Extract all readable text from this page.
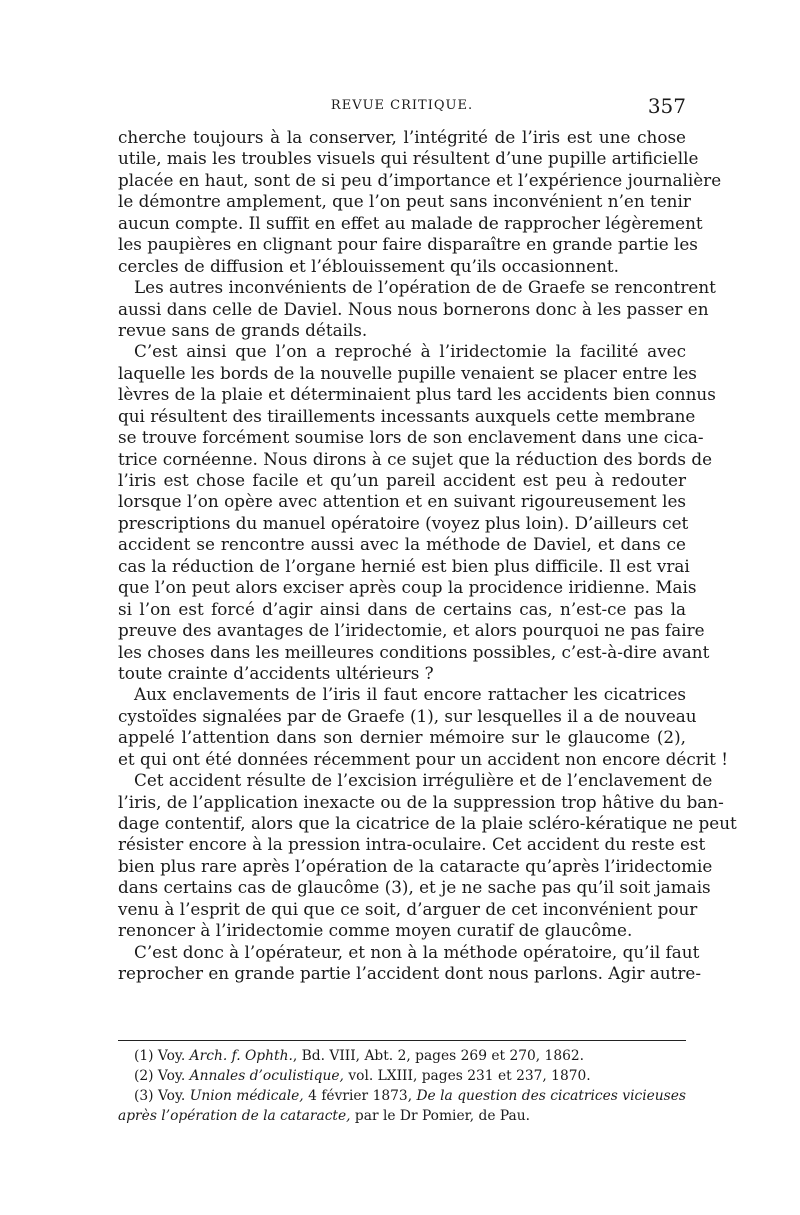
REVUE CRITIQUE.	357
cherche toujours à la conserver, l’intégrité de l’iris est une chose
utile, mais les troubles visuels qui résultent d’une pupille artificielle
placée en haut, sont de si peu d’importance et l’expérience journalière
le démontre amplement, que l’on peut sans inconvénient n’en tenir
aucun compte. Il suffit en effet au malade de rapprocher légèrement
les paupières en clignant pour faire disparaître en grande partie les
cercles de diffusion et l’éblouissement qu’ils occasionnent.
Les autres inconvénients de l’opération de de Graefe se rencontrent
aussi dans celle de Daviel. Nous nous bornerons donc à les passer en
revue sans de grands détails.
C’est ainsi que l’on a reproché à l’iridectomie la facilité avec
laquelle les bords de la nouvelle pupille venaient se placer entre les
lèvres de la plaie et déterminaient plus tard les accidents bien connus
qui résultent des tiraillements incessants auxquels cette membrane
se trouve forcément soumise lors de son enclavement dans une cica-
trice cornéenne. Nous dirons à ce sujet que la réduction des bords de
l’iris est chose facile et qu’un pareil accident est peu à redouter
lorsque l’on opère avec attention et en suivant rigoureusement les
prescriptions du manuel opératoire (voyez plus loin). D’ailleurs cet
accident se rencontre aussi avec la méthode de Daviel, et dans ce
cas la réduction de l’organe hernié est bien plus difficile. Il est vrai
que l’on peut alors exciser après coup la procidence iridienne. Mais
si l’on est forcé d’agir ainsi dans de certains cas, n’est-ce pas la
preuve des avantages de l’iridectomie, et alors pourquoi ne pas faire
les choses dans les meilleures conditions possibles, c’est-à-dire avant
toute crainte d’accidents ultérieurs ?
Aux enclavements de l’iris il faut encore rattacher les cicatrices
cystoïdes signalées par de Graefe (1), sur lesquelles il a de nouveau
appelé l’attention dans son dernier mémoire sur le glaucome (2),
et qui ont été données récemment pour un accident non encore décrit !
Cet accident résulte de l’excision irrégulière et de l’enclavement de
l’iris, de l’application inexacte ou de la suppression trop hâtive du ban-
dage contentif, alors que la cicatrice de la plaie scléro-kératique ne peut
résister encore à la pression intra-oculaire. Cet accident du reste est
bien plus rare après l’opération de la cataracte qu’après l’iridectomie
dans certains cas de glaucôme (3), et je ne sache pas qu’il soit jamais
venu à l’esprit de qui que ce soit, d’arguer de cet inconvénient pour
renoncer à l’iridectomie comme moyen curatif de glaucôme.
C’est donc à l’opérateur, et non à la méthode opératoire, qu’il faut
reprocher en grande partie l’accident dont nous parlons. Agir autre-
(1) Voy. Arch. f. Ophth., Bd. VIII, Abt. 2, pages 269 et 270, 1862.
(2) Voy. Annales d’oculistique, vol. LXIII, pages 231 et 237, 1870.
(3) Voy. Union médicale, 4 février 1873, De la question des cicatrices vicieuses
après l’opération de la cataracte, par le Dr Pomier, de Pau.
